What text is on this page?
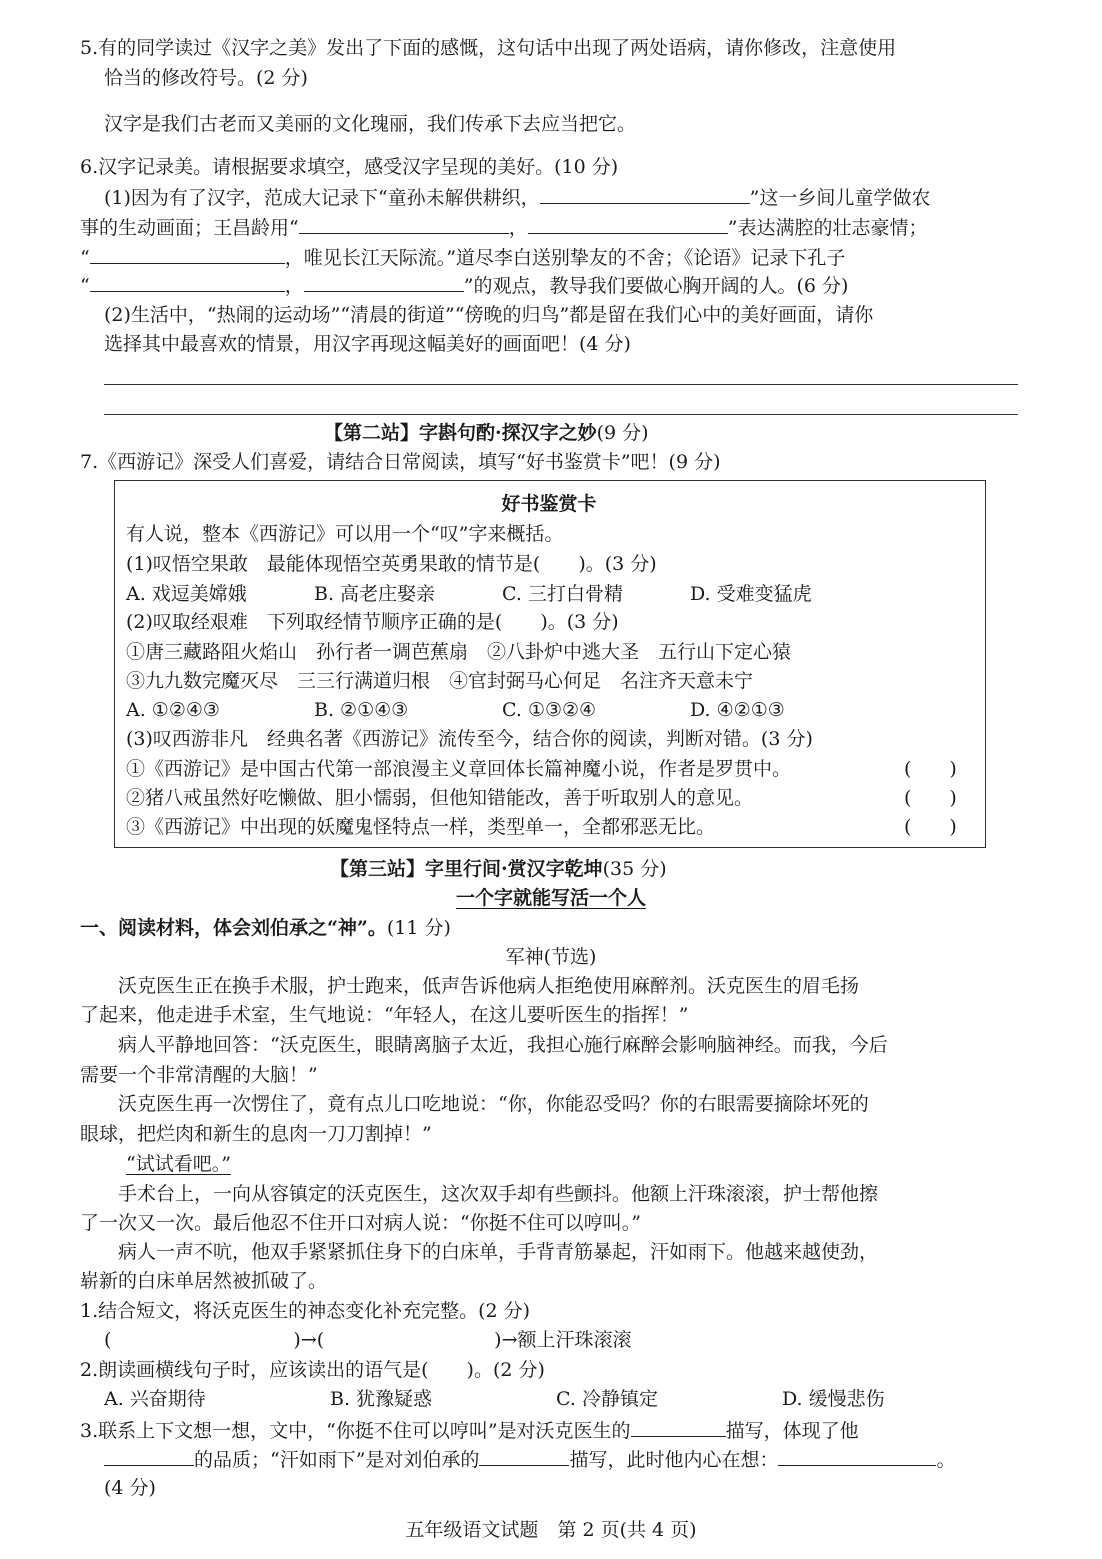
5.有的同学读过《汉字之美》发出了下面的感慨，这句话中出现了两处语病，请你修改，注意使用
恰当的修改符号。(2 分)
汉字是我们古老而又美丽的文化瑰丽，我们传承下去应当把它。
6.汉字记录美。请根据要求填空，感受汉字呈现的美好。(10 分)
(1)因为有了汉字，范成大记录下“童孙未解供耕织，	”这一乡间儿童学做农
事的生动画面；王昌龄用“	，	”表达满腔的壮志豪情；
“	，唯见长江天际流。”道尽李白送别挚友的不舍；《论语》记录下孔子
“	，	”的观点，教导我们要做心胸开阔的人。(6 分)
(2)生活中，“热闹的运动场”“清晨的街道”“傍晚的归鸟”都是留在我们心中的美好画面，请你
选择其中最喜欢的情景，用汉字再现这幅美好的画面吧！(4 分)
【第二站】字斟句酌·探汉字之妙(9 分)
7.《西游记》深受人们喜爱，请结合日常阅读，填写“好书鉴赏卡”吧！(9 分)
好书鉴赏卡
有人说，整本《西游记》可以用一个“叹”字来概括。
(1)叹悟空果敢　最能体现悟空英勇果敢的情节是(　　)。(3 分)
A. 戏逗美嫦娥	B. 高老庄娶亲	C. 三打白骨精	D. 受难变猛虎
(2)叹取经艰难　下列取经情节顺序正确的是(　　)。(3 分)
①唐三藏路阻火焰山　孙行者一调芭蕉扇　②八卦炉中逃大圣　五行山下定心猿
③九九数完魔灭尽　三三行满道归根　④官封弼马心何足　名注齐天意未宁
A. ①②④③	B. ②①④③	C. ①③②④	D. ④②①③
(3)叹西游非凡　经典名著《西游记》流传至今，结合你的阅读，判断对错。(3 分)
①《西游记》是中国古代第一部浪漫主义章回体长篇神魔小说，作者是罗贯中。	(　　)
②猪八戒虽然好吃懒做、胆小懦弱，但他知错能改，善于听取别人的意见。	(　　)
③《西游记》中出现的妖魔鬼怪特点一样，类型单一，全都邪恶无比。	(　　)
【第三站】字里行间·赏汉字乾坤(35 分)
一个字就能写活一个人
一、阅读材料，体会刘伯承之“神”。(11 分)
军神(节选)
　　沃克医生正在换手术服，护士跑来，低声告诉他病人拒绝使用麻醉剂。沃克医生的眉毛扬
了起来，他走进手术室，生气地说：“年轻人，在这儿要听医生的指挥！”
　　病人平静地回答：“沃克医生，眼睛离脑子太近，我担心施行麻醉会影响脑神经。而我，今后
需要一个非常清醒的大脑！”
　　沃克医生再一次愣住了，竟有点儿口吃地说：“你，你能忍受吗？你的右眼需要摘除坏死的
眼球，把烂肉和新生的息肉一刀刀割掉！”
“试试看吧。”
　　手术台上，一向从容镇定的沃克医生，这次双手却有些颤抖。他额上汗珠滚滚，护士帮他擦
了一次又一次。最后他忍不住开口对病人说：“你挺不住可以哼叫。”
　　病人一声不吭，他双手紧紧抓住身下的白床单，手背青筋暴起，汗如雨下。他越来越使劲，
崭新的白床单居然被抓破了。
1.结合短文，将沃克医生的神态变化补充完整。(2 分)
(	)→(	)→额上汗珠滚滚
2.朗读画横线句子时，应该读出的语气是(　　)。(2 分)
A. 兴奋期待	B. 犹豫疑惑	C. 冷静镇定	D. 缓慢悲伤
3.联系上下文想一想，文中，“你挺不住可以哼叫”是对沃克医生的	描写，体现了他
的品质；“汗如雨下”是对刘伯承的	描写，此时他内心在想：	。
(4 分)
五年级语文试题　第 2 页(共 4 页)
